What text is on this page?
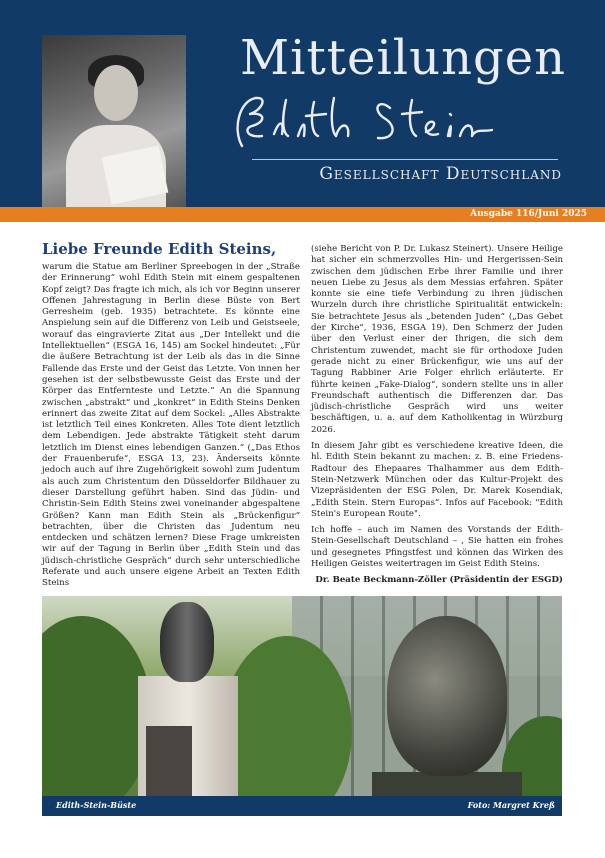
Mitteilungen
Gesellschaft Deutschland
Ausgabe 116/Juni 2025
Liebe Freunde Edith Steins,

warum die Statue am Berliner Spreebogen in der „Straße der Erinnerung“ wohl Edith Stein mit einem gespaltenen Kopf zeigt? Das fragte ich mich, als ich vor Beginn unserer Offenen Jahrestagung in Berlin diese Büste von Bert Gerresheim (geb. 1935) betrachtete. Es könnte eine Anspielung sein auf die Differenz von Leib und Geistseele, worauf das eingravierte Zitat aus „Der Intellekt und die Intellektuellen“ (ESGA 16, 145) am Sockel hindeutet: „Für die äußere Betrachtung ist der Leib als das in die Sinne Fallende das Erste und der Geist das Letzte. Von innen her gesehen ist der selbstbewusste Geist das Erste und der Körper das Entfernteste und Letzte.“ An die Spannung zwischen „abstrakt“ und „konkret“ in Edith Steins Denken erinnert das zweite Zitat auf dem Sockel: „Alles Abstrakte ist letztlich Teil eines Konkreten. Alles Tote dient letztlich dem Lebendigen. Jede abstrakte Tätigkeit steht darum letztlich im Dienst eines lebendigen Ganzen.“ („Das Ethos der Frauenberufe“, ESGA 13, 23). Änderseits könnte jedoch auch auf ihre Zugehörigkeit sowohl zum Judentum als auch zum Christentum den Düsseldorfer Bildhauer zu dieser Darstellung geführt haben. Sind das Jüdin- und Christin-Sein Edith Steins zwei voneinander abgespaltene Größen? Kann man Edith Stein als „Brückenfigur“ betrachten, über die Christen das Judentum neu entdecken und schätzen lernen? Diese Frage umkreisten wir auf der Tagung in Berlin über „Edith Stein und das jüdisch-christliche Gespräch“ durch sehr unterschiedliche Referate und auch unsere eigene Arbeit an Texten Edith Steins

(siehe Bericht von P. Dr. Lukasz Steinert). Unsere Heilige hat sicher ein schmerzvolles Hin- und Hergerissen-Sein zwischen dem jüdischen Erbe ihrer Familie und ihrer neuen Liebe zu Jesus als dem Messias erfahren. Später konnte sie eine tiefe Verbindung zu ihren jüdischen Wurzeln durch ihre christliche Spiritualität entwickeln: Sie betrachtete Jesus als „betenden Juden“ („Das Gebet der Kirche“, 1936, ESGA 19). Den Schmerz der Juden über den Verlust einer der Ihrigen, die sich dem Christentum zuwendet, macht sie für orthodoxe Juden gerade nicht zu einer Brückenfigur, wie uns auf der Tagung Rabbiner Arie Folger ehrlich erläuterte. Er führte keinen „Fake-Dialog“, sondern stellte uns in aller Freundschaft authentisch die Differenzen dar. Das jüdisch-christliche Gespräch wird uns weiter beschäftigen, u. a. auf dem Katholikentag in Würzburg 2026.

In diesem Jahr gibt es verschiedene kreative Ideen, die hl. Edith Stein bekannt zu machen: z. B. eine Friedens-Radtour des Ehepaares Thalhammer aus dem Edith-Stein-Netzwerk München oder das Kultur-Projekt des Vizepräsidenten der ESG Polen, Dr. Marek Kosendiak, „Edith Stein. Stern Europas“. Infos auf Facebook: "Edith Stein's European Route".

Ich hoffe – auch im Namen des Vorstands der Edith-Stein-Gesellschaft Deutschland – , Sie hatten ein frohes und gesegnetes Pfingstfest und können das Wirken des Heiligen Geistes weitertragen im Geist Edith Steins.

Dr. Beate Beckmann-Zöller (Präsidentin der ESGD)

Edith-Stein-Büste	Foto: Margret Kreß
